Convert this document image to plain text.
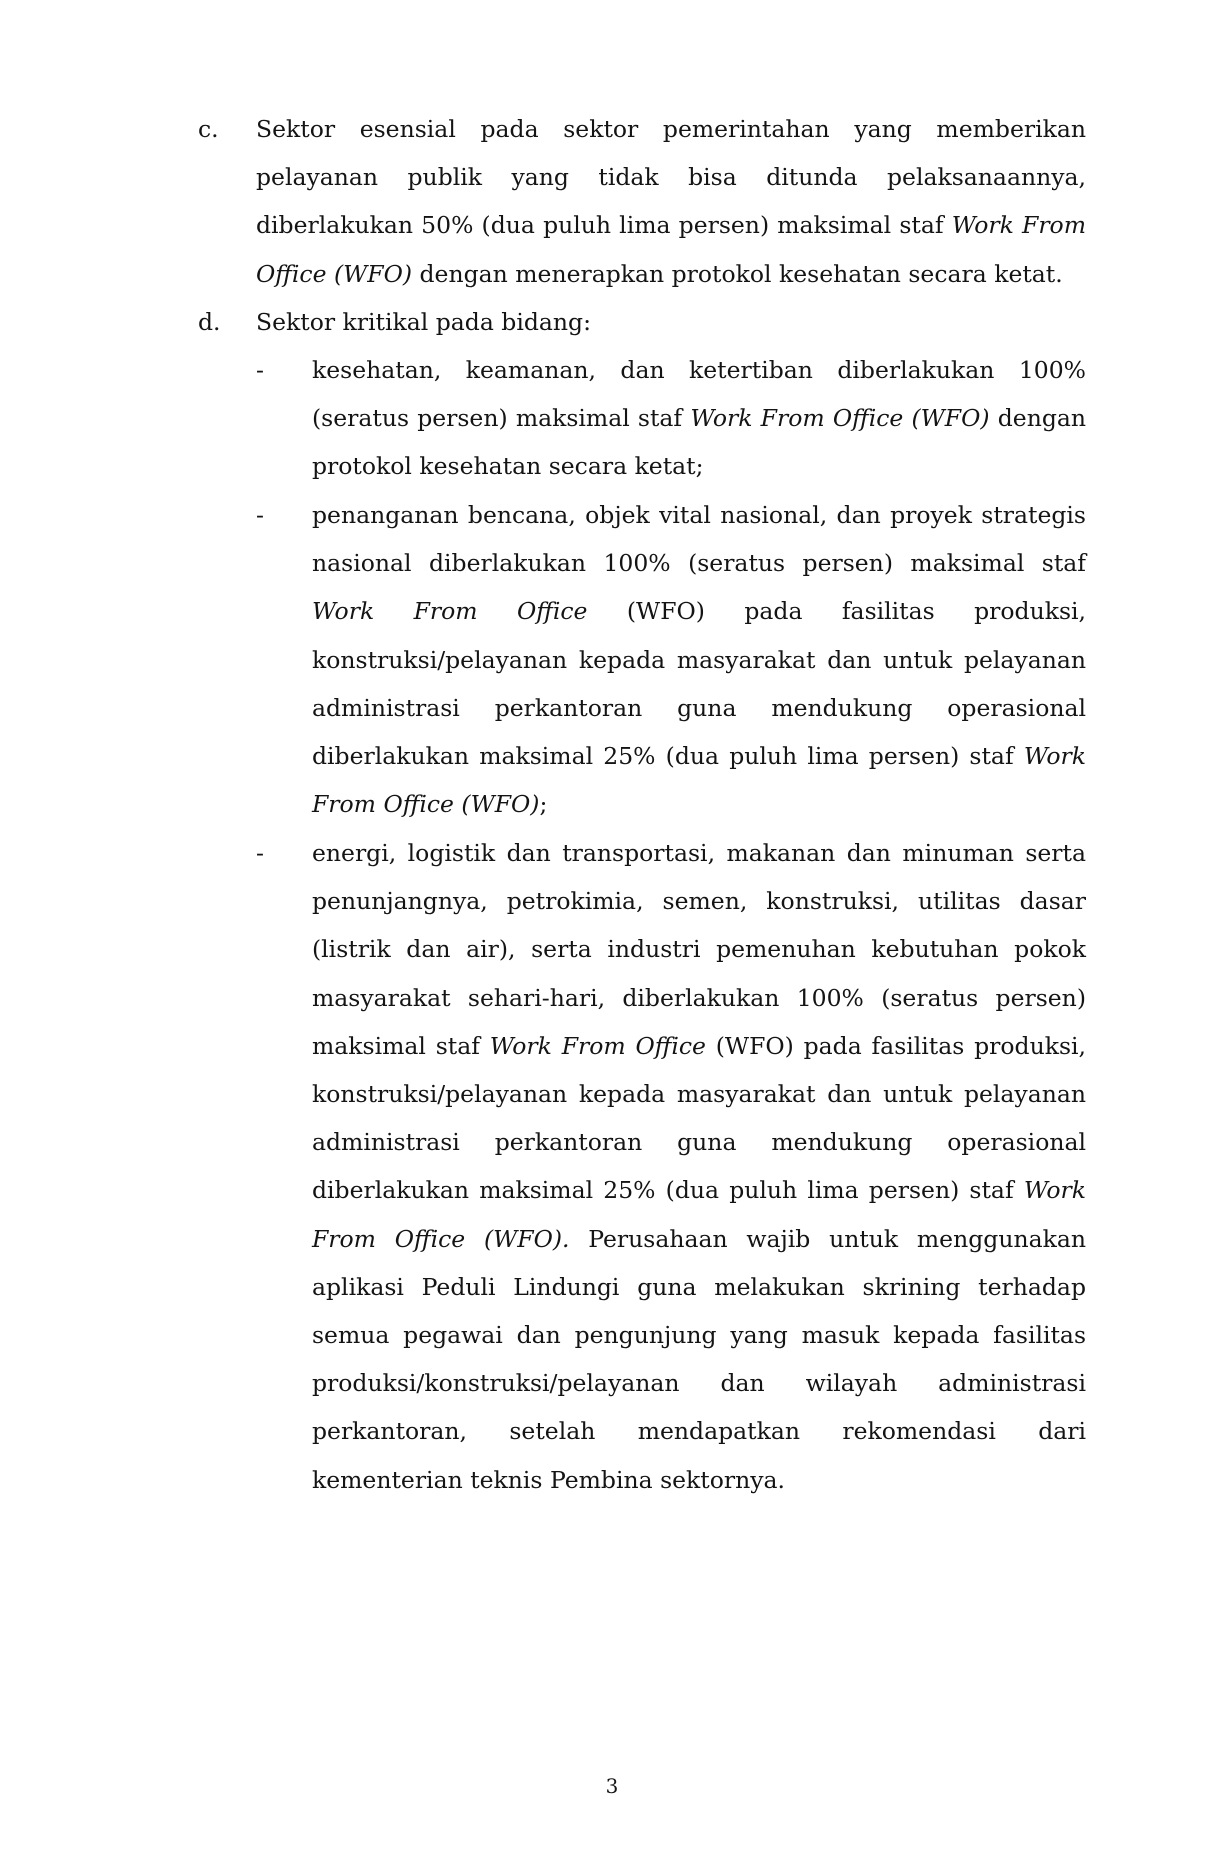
c. Sektor esensial pada sektor pemerintahan yang memberikan pelayanan publik yang tidak bisa ditunda pelaksanaannya, diberlakukan 50% (dua puluh lima persen) maksimal staf Work From Office (WFO) dengan menerapkan protokol kesehatan secara ketat.
d. Sektor kritikal pada bidang:
- kesehatan, keamanan, dan ketertiban diberlakukan 100% (seratus persen) maksimal staf Work From Office (WFO) dengan protokol kesehatan secara ketat;
- penanganan bencana, objek vital nasional, dan proyek strategis nasional diberlakukan 100% (seratus persen) maksimal staf Work From Office (WFO) pada fasilitas produksi, konstruksi/pelayanan kepada masyarakat dan untuk pelayanan administrasi perkantoran guna mendukung operasional diberlakukan maksimal 25% (dua puluh lima persen) staf Work From Office (WFO);
- energi, logistik dan transportasi, makanan dan minuman serta penunjangnya, petrokimia, semen, konstruksi, utilitas dasar (listrik dan air), serta industri pemenuhan kebutuhan pokok masyarakat sehari-hari, diberlakukan 100% (seratus persen) maksimal staf Work From Office (WFO) pada fasilitas produksi, konstruksi/pelayanan kepada masyarakat dan untuk pelayanan administrasi perkantoran guna mendukung operasional diberlakukan maksimal 25% (dua puluh lima persen) staf Work From Office (WFO). Perusahaan wajib untuk menggunakan aplikasi Peduli Lindungi guna melakukan skrining terhadap semua pegawai dan pengunjung yang masuk kepada fasilitas produksi/konstruksi/pelayanan dan wilayah administrasi perkantoran, setelah mendapatkan rekomendasi dari kementerian teknis Pembina sektornya.
3
